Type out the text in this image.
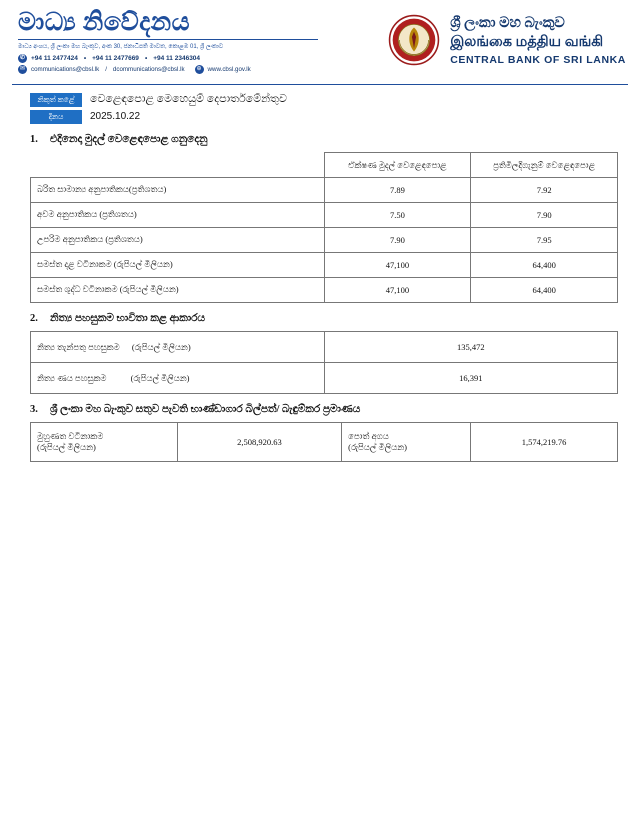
මාධ්‍ය නිවේදනය
මාධ්‍ය අංශය, ශ්‍රී ලංකා මහ බැංකුව, අංක 30, ජනාධිපති මාවත, කොළඹ 01, ශ්‍රී ලංකාව
✆ +94 11 2477424 • +94 11 2477669 • +94 11 2346304
✉ communications@cbsl.lk / dcommunications@cbsl.lk	⊕ www.cbsl.gov.lk
ශ්‍රී ලංකා මහ බැංකුව
இலங்கை மத்திய வங்கி
CENTRAL BANK OF SRI LANKA
නිකුත් කළේ	වෙළෙඳපොළ මෙහෙයුම් දෙපාර්තමේන්තුව
දිනය	2025.10.22
1.	එදිනෙදා මුදල් වෙළෙඳපොළ ගනුදෙනු
	ඒක්ෂණ මුදල් වෙළෙඳපොළ	ප්‍රතිමිලදිගැනුම් වෙළෙඳපොළ
බරිත සාමාන්‍ය අනුපාතිකය(ප්‍රතිශතය)	7.89	7.92
අවම අනුපාතිකය (ප්‍රතිශතය)	7.50	7.90
උපරිම අනුපාතිකය (ප්‍රතිශතය)	7.90	7.95
සමස්ත දළ වටිනාකම (රුපියල් මිලියන)	47,100	64,400
සමස්ත ශුද්ධ වටිනාකම (රුපියල් මිලියන)	47,100	64,400
2.	නිත්‍ය පහසුකම භාවිතා කළ ආකාරය
නිත්‍ය තැන්පතු පහසුකම (රුපියල් මිලියන)	135,472
නිත්‍ය ණය පහසුකම (රුපියල් මිලියන)	16,391
3.	ශ්‍රී ලංකා මහ බැංකුව සතුව පැවති භාණ්ඩාගාර බිල්පත්/ බැඳුම්කර ප්‍රමාණය
මුහුණත වටිනාකම
(රුපියල් මිලියන)	2,508,920.63	
පොත් අගය
(රුපියල් මිලියන)	1,574,219.76
